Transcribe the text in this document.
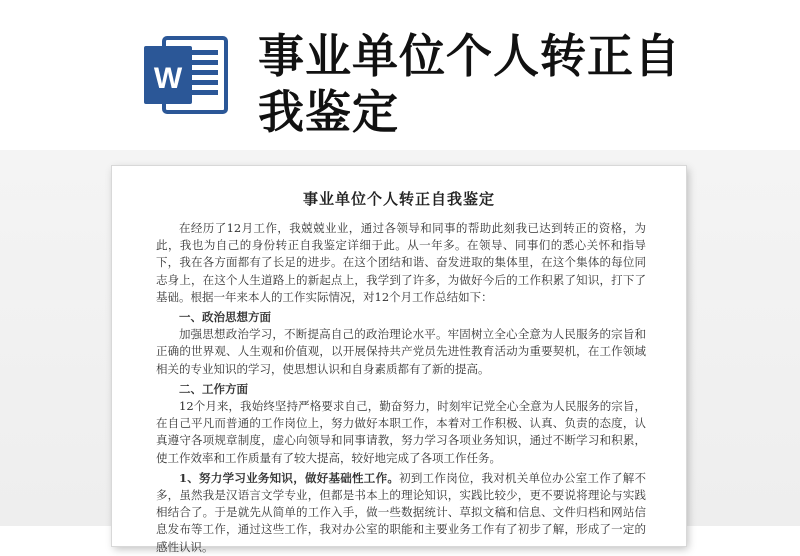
W 事业单位个人转正自我鉴定
事业单位个人转正自我鉴定

在经历了12月工作，我兢兢业业，通过各领导和同事的帮助此刻我已达到转正的资格，为此，我也为自己的身份转正自我鉴定详细于此。从一年多。在领导、同事们的悉心关怀和指导下，我在各方面都有了长足的进步。在这个团结和谐、奋发进取的集体里，在这个集体的每位同志身上，在这个人生道路上的新起点上，我学到了许多，为做好今后的工作积累了知识，打下了基础。根据一年来本人的工作实际情况，对12个月工作总结如下：

一、政治思想方面

加强思想政治学习，不断提高自己的政治理论水平。牢固树立全心全意为人民服务的宗旨和正确的世界观、人生观和价值观，以开展保持共产党员先进性教育活动为重要契机，在工作领域相关的专业知识的学习，使思想认识和自身素质都有了新的提高。

二、工作方面

12个月来，我始终坚持严格要求自己，勤奋努力，时刻牢记党全心全意为人民服务的宗旨，在自己平凡而普通的工作岗位上，努力做好本职工作，本着对工作积极、认真、负责的态度，认真遵守各项规章制度，虚心向领导和同事请教，努力学习各项业务知识，通过不断学习和积累，使工作效率和工作质量有了较大提高，较好地完成了各项工作任务。

1、努力学习业务知识，做好基础性工作。初到工作岗位，我对机关单位办公室工作了解不多，虽然我是汉语言文学专业，但都是书本上的理论知识，实践比较少，更不要说将理论与实践相结合了。于是就先从简单的工作入手，做一些数据统计、草拟文稿和信息、文件归档和网站信息发布等工作，通过这些工作，我对办公室的职能和主要业务工作有了初步了解，形成了一定的感性认识。
